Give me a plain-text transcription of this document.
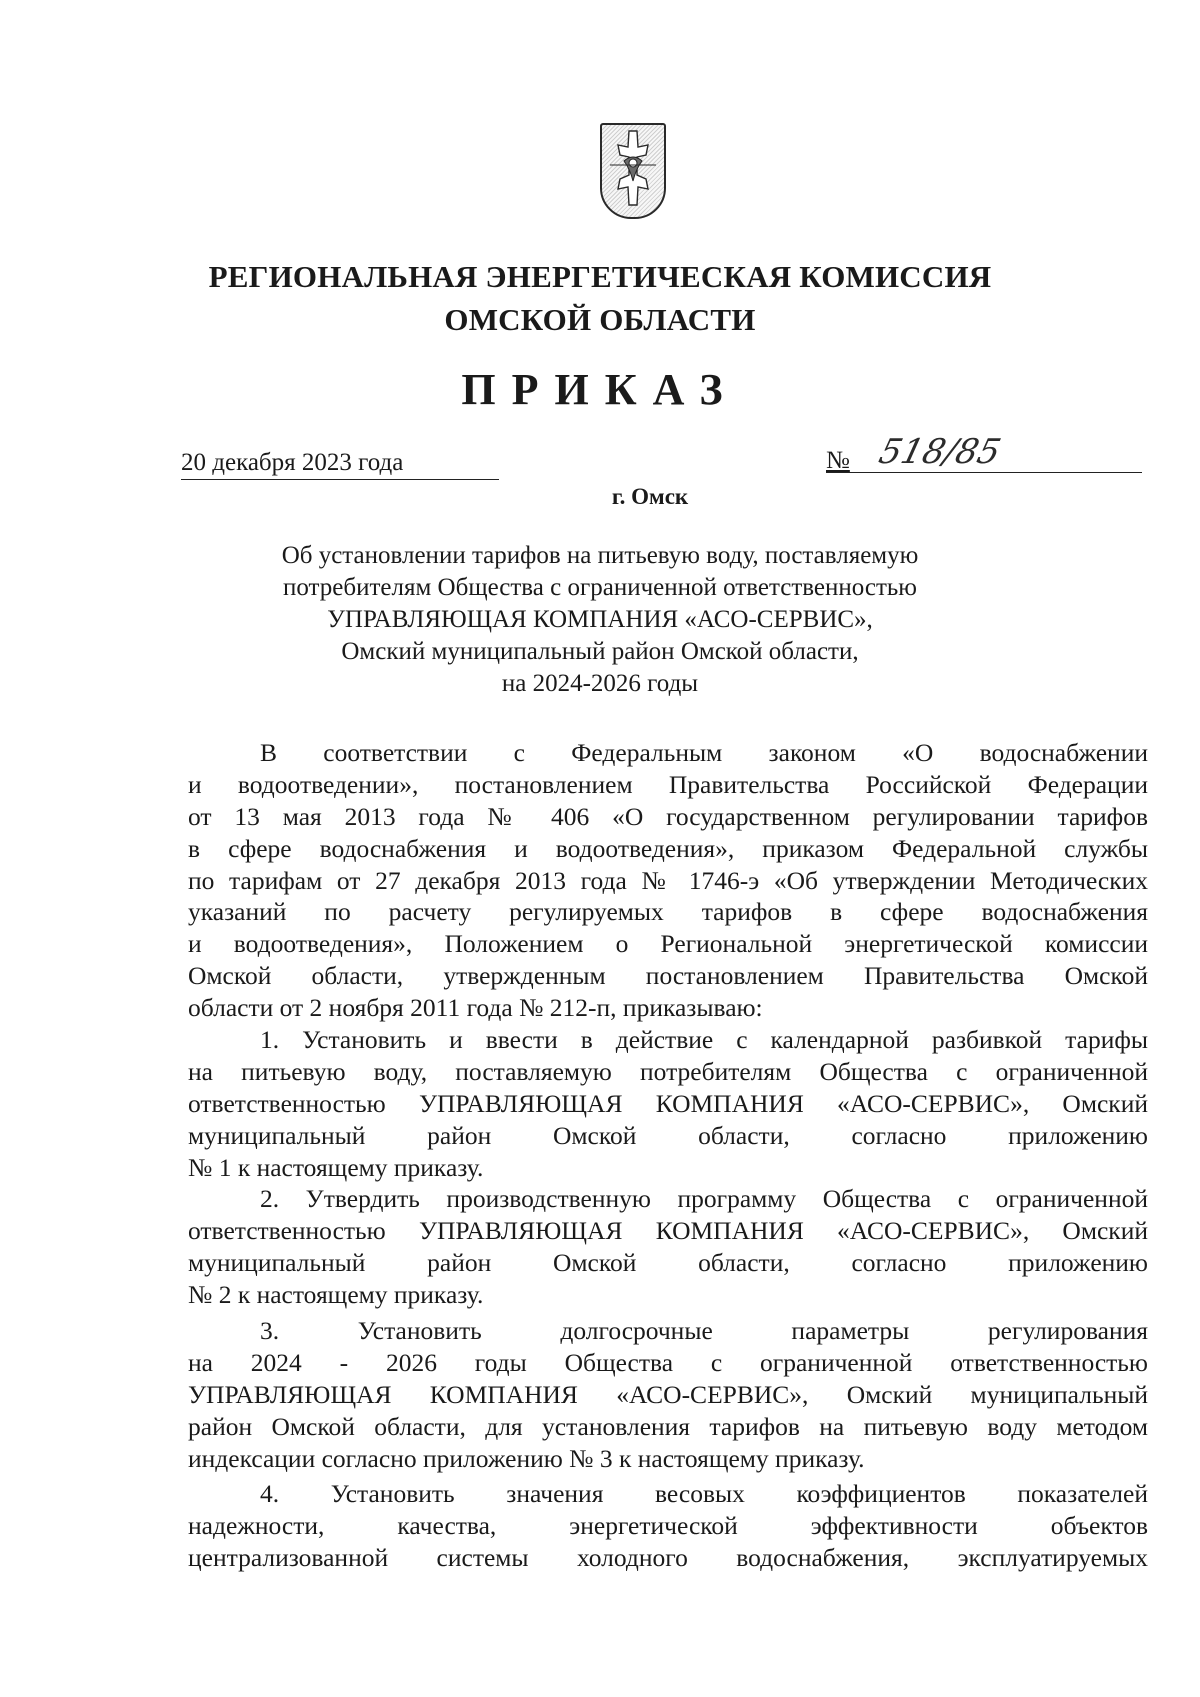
РЕГИОНАЛЬНАЯ ЭНЕРГЕТИЧЕСКАЯ КОМИССИЯ
ОМСКОЙ ОБЛАСТИ
ПРИКАЗ
20 декабря 2023 года	№ 518/85
г. Омск
Об установлении тарифов на питьевую воду, поставляемую
потребителям Общества с ограниченной ответственностью
УПРАВЛЯЮЩАЯ КОМПАНИЯ «АСО-СЕРВИС»,
Омский муниципальный район Омской области,
на 2024-2026 годы
В соответствии с Федеральным законом «О водоснабжении
и водоотведении», постановлением Правительства Российской Федерации
от 13 мая 2013 года № 406 «О государственном регулировании тарифов
в сфере водоснабжения и водоотведения», приказом Федеральной службы
по тарифам от 27 декабря 2013 года № 1746-э «Об утверждении Методических
указаний по расчету регулируемых тарифов в сфере водоснабжения
и водоотведения», Положением о Региональной энергетической комиссии
Омской области, утвержденным постановлением Правительства Омской
области от 2 ноября 2011 года № 212-п, приказываю:
1. Установить и ввести в действие с календарной разбивкой тарифы
на питьевую воду, поставляемую потребителям Общества с ограниченной
ответственностью УПРАВЛЯЮЩАЯ КОМПАНИЯ «АСО-СЕРВИС», Омский
муниципальный район Омской области, согласно приложению
№ 1 к настоящему приказу.
2. Утвердить производственную программу Общества с ограниченной
ответственностью УПРАВЛЯЮЩАЯ КОМПАНИЯ «АСО-СЕРВИС», Омский
муниципальный район Омской области, согласно приложению
№ 2 к настоящему приказу.
3. Установить долгосрочные параметры регулирования
на 2024 - 2026 годы Общества с ограниченной ответственностью
УПРАВЛЯЮЩАЯ КОМПАНИЯ «АСО-СЕРВИС», Омский муниципальный
район Омской области, для установления тарифов на питьевую воду методом
индексации согласно приложению № 3 к настоящему приказу.
4. Установить значения весовых коэффициентов показателей
надежности, качества, энергетической эффективности объектов
централизованной системы холодного водоснабжения, эксплуатируемых
